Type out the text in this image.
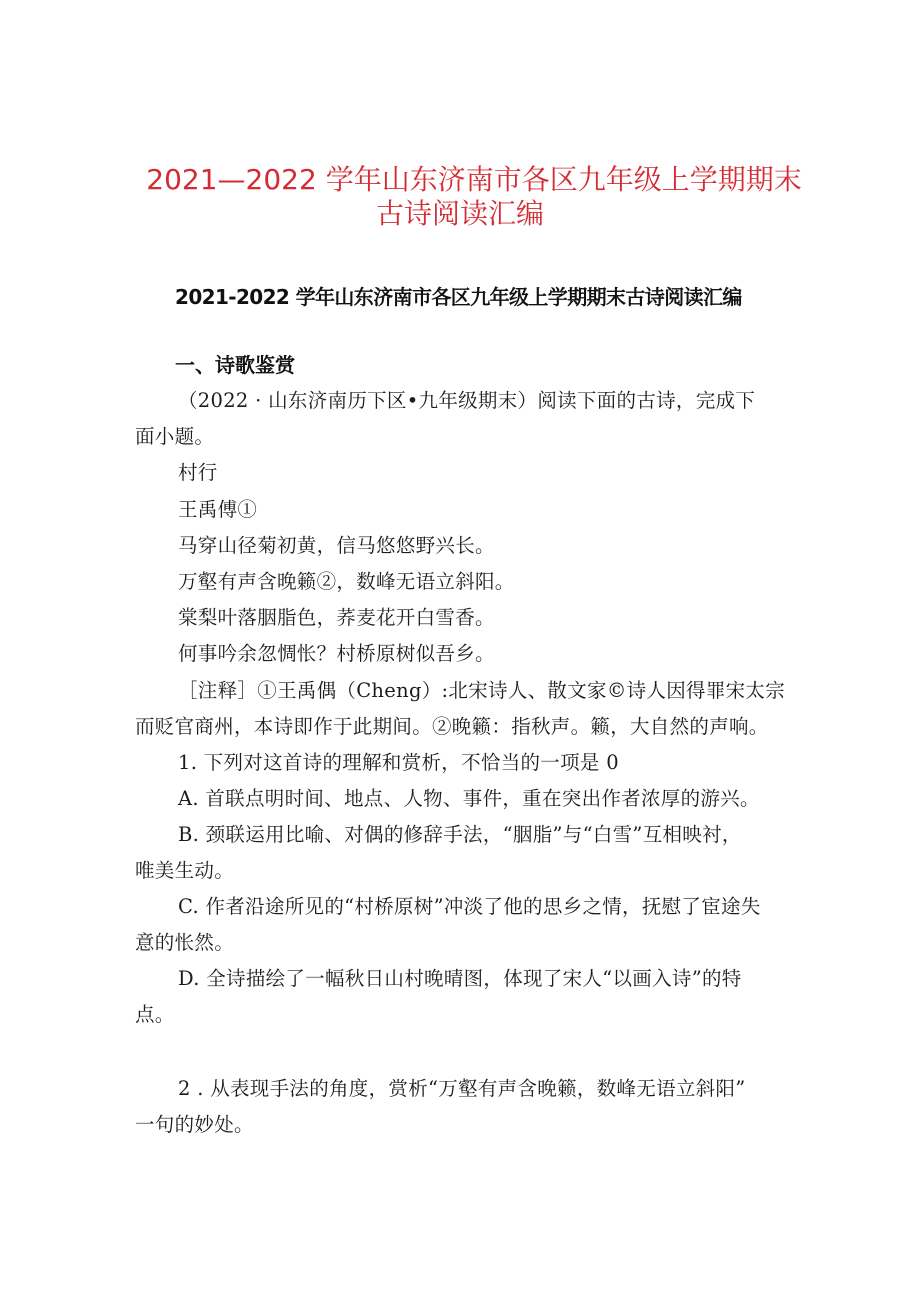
2021—2022 学年山东济南市各区九年级上学期期末
古诗阅读汇编
2021-2022 学年山东济南市各区九年级上学期期末古诗阅读汇编
一、诗歌鉴赏
（2022 · 山东济南历下区•九年级期末）阅读下面的古诗，完成下
面小题。
村行
王禹傅①
马穿山径菊初黄，信马悠悠野兴长。
万壑有声含晚籁②，数峰无语立斜阳。
棠梨叶落胭脂色，荞麦花开白雪香。
何事吟余忽惆怅？村桥原树似吾乡。
［注释］①王禹偶（Cheng）:北宋诗人、散文家©诗人因得罪宋太宗
而贬官商州，本诗即作于此期间。②晚籁：指秋声。籁，大自然的声响。
1. 下列对这首诗的理解和赏析，不恰当的一项是 0
A. 首联点明时间、地点、人物、事件，重在突出作者浓厚的游兴。
B. 颈联运用比喻、对偶的修辞手法，“胭脂”与“白雪”互相映衬，
唯美生动。
C. 作者沿途所见的“村桥原树”冲淡了他的思乡之情，抚慰了宦途失
意的怅然。
D. 全诗描绘了一幅秋日山村晚晴图，体现了宋人“以画入诗”的特
点。
2 . 从表现手法的角度，赏析“万壑有声含晚籁，数峰无语立斜阳”
一句的妙处。
